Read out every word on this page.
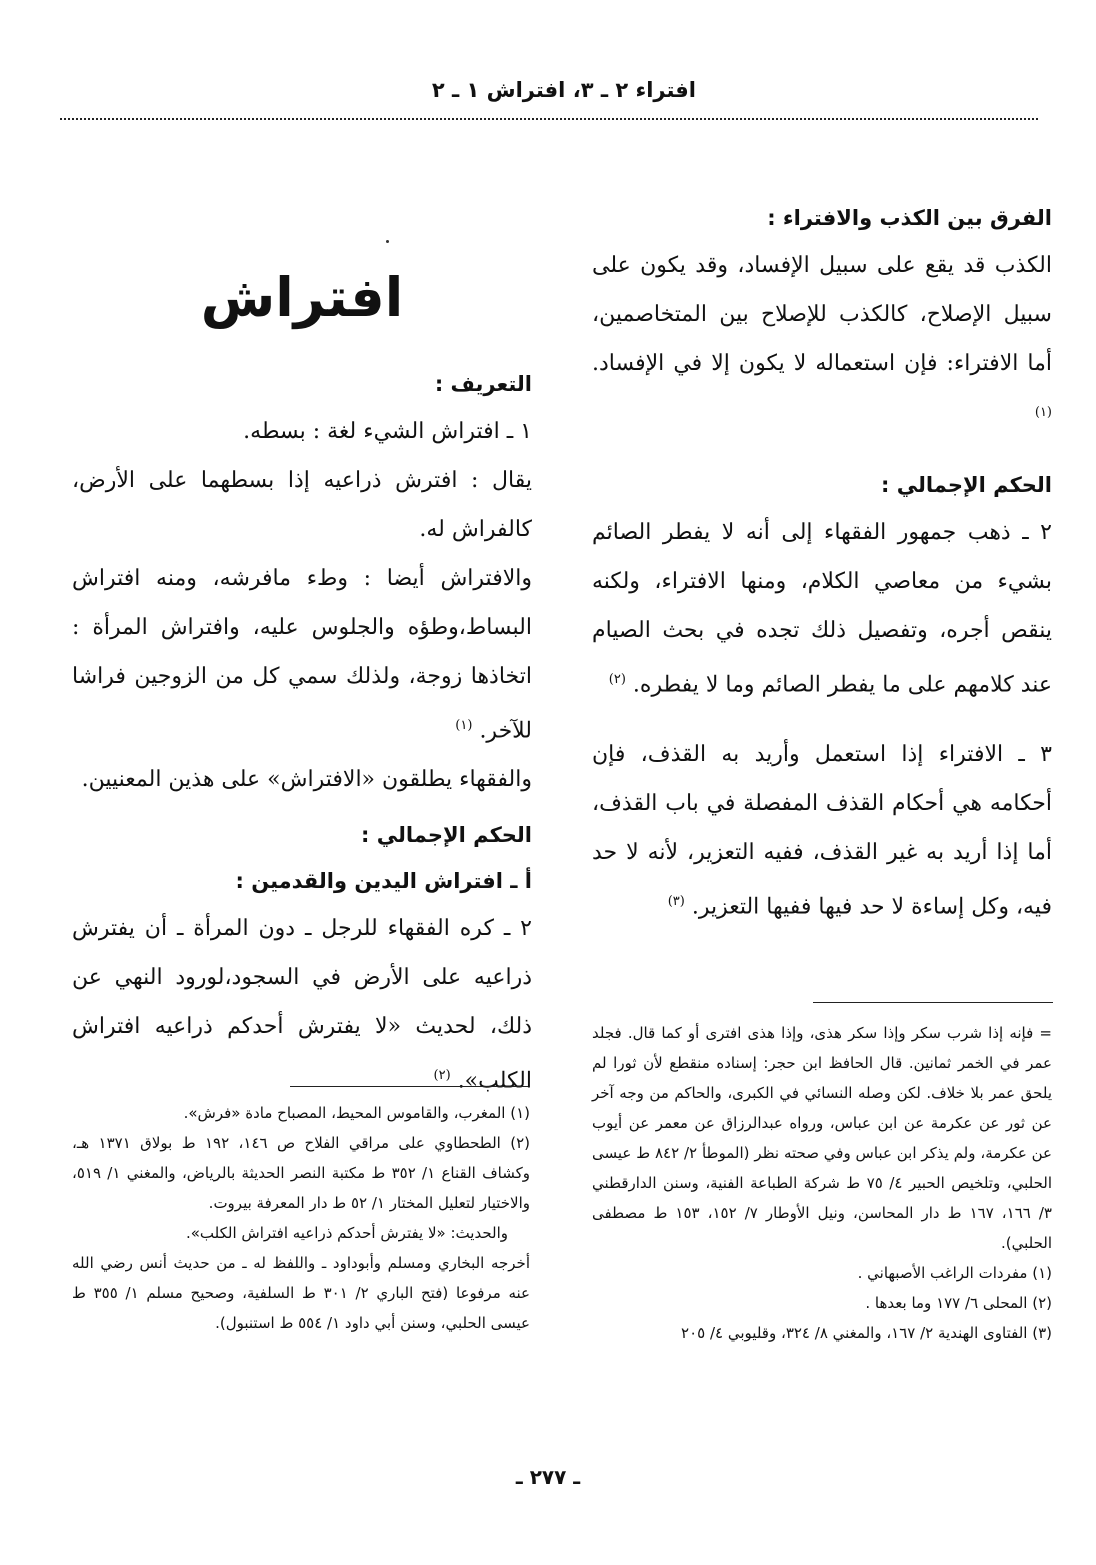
افتراء ٢ ـ ٣، افتراش ١ ـ ٢

الفرق بين الكذب والافتراء :

الكذب قد يقع على سبيل الإفساد، وقد يكون على سبيل الإصلاح، كالكذب للإصلاح بين المتخاصمين، أما الافتراء: فإن استعماله لا يكون إلا في الإفساد. $^{(١)}$

الحكم الإجمالي :

٢ ـ ذهب جمهور الفقهاء إلى أنه لا يفطر الصائم بشيء من معاصي الكلام، ومنها الافتراء، ولكنه ينقص أجره، وتفصيل ذلك تجده في بحث الصيام عند كلامهم على ما يفطر الصائم وما لا يفطره. $^{(٢)}$

٣ ـ الافتراء إذا استعمل وأريد به القذف، فإن أحكامه هي أحكام القذف المفصلة في باب القذف، أما إذا أريد به غير القذف، ففيه التعزير، لأنه لا حد فيه، وكل إساءة لا حد فيها ففيها التعزير. $^{(٣)}$

افتراش

التعريف :

١ ـ افتراش الشيء لغة : بسطه.

يقال : افترش ذراعيه إذا بسطهما على الأرض، كالفراش له.

والافتراش أيضا : وطء مافرشه، ومنه افتراش البساط،وطؤه والجلوس عليه، وافتراش المرأة : اتخاذها زوجة، ولذلك سمي كل من الزوجين فراشا للآخر. $^{(١)}$

والفقهاء يطلقون «الافتراش» على هذين المعنيين.

الحكم الإجمالي :

أ ـ افتراش اليدين والقدمين :

٢ ـ كره الفقهاء للرجل ـ دون المرأة ـ أن يفترش ذراعيه على الأرض في السجود،لورود النهي عن ذلك، لحديث «لا يفترش أحدكم ذراعيه افتراش الكلب». $^{(٢)}$

= فإنه إذا شرب سكر وإذا سكر هذى، وإذا هذى افترى أو كما قال. فجلد عمر في الخمر ثمانين. قال الحافظ ابن حجر: إسناده منقطع لأن ثورا لم يلحق عمر بلا خلاف. لكن وصله النسائي في الكبرى، والحاكم من وجه آخر عن ثور عن عكرمة عن ابن عباس، ورواه عبدالرزاق عن معمر عن أيوب عن عكرمة، ولم يذكر ابن عباس وفي صحته نظر (الموطأ ٢/ ٨٤٢ ط عيسى الحلبي، وتلخيص الحبير ٤/ ٧٥ ط شركة الطباعة الفنية، وسنن الدارقطني ٣/ ١٦٦، ١٦٧ ط دار المحاسن، ونيل الأوطار ٧/ ١٥٢، ١٥٣ ط مصطفى الحلبي).

(١) مفردات الراغب الأصبهاني .

(٢) المحلى ٦/ ١٧٧ وما بعدها .

(٣) الفتاوى الهندية ٢/ ١٦٧، والمغني ٨/ ٣٢٤، وقليوبي ٤/ ٢٠٥

(١) المغرب، والقاموس المحيط، المصباح مادة «فرش».

(٢) الطحطاوي على مراقي الفلاح ص ١٤٦، ١٩٢ ط بولاق ١٣٧١ هـ، وكشاف القناع ١/ ٣٥٢ ط مكتبة النصر الحديثة بالرياض، والمغني ١/ ٥١٩، والاختيار لتعليل المختار ١/ ٥٢ ط دار المعرفة بيروت.

والحديث: «لا يفترش أحدكم ذراعيه افتراش الكلب».

أخرجه البخاري ومسلم وأبوداود ـ واللفظ له ـ من حديث أنس رضي الله عنه مرفوعا (فتح الباري ٢/ ٣٠١ ط السلفية، وصحيح مسلم ١/ ٣٥٥ ط عيسى الحلبي، وسنن أبي داود ١/ ٥٥٤ ط استنبول).

ـ ٢٧٧ ـ
